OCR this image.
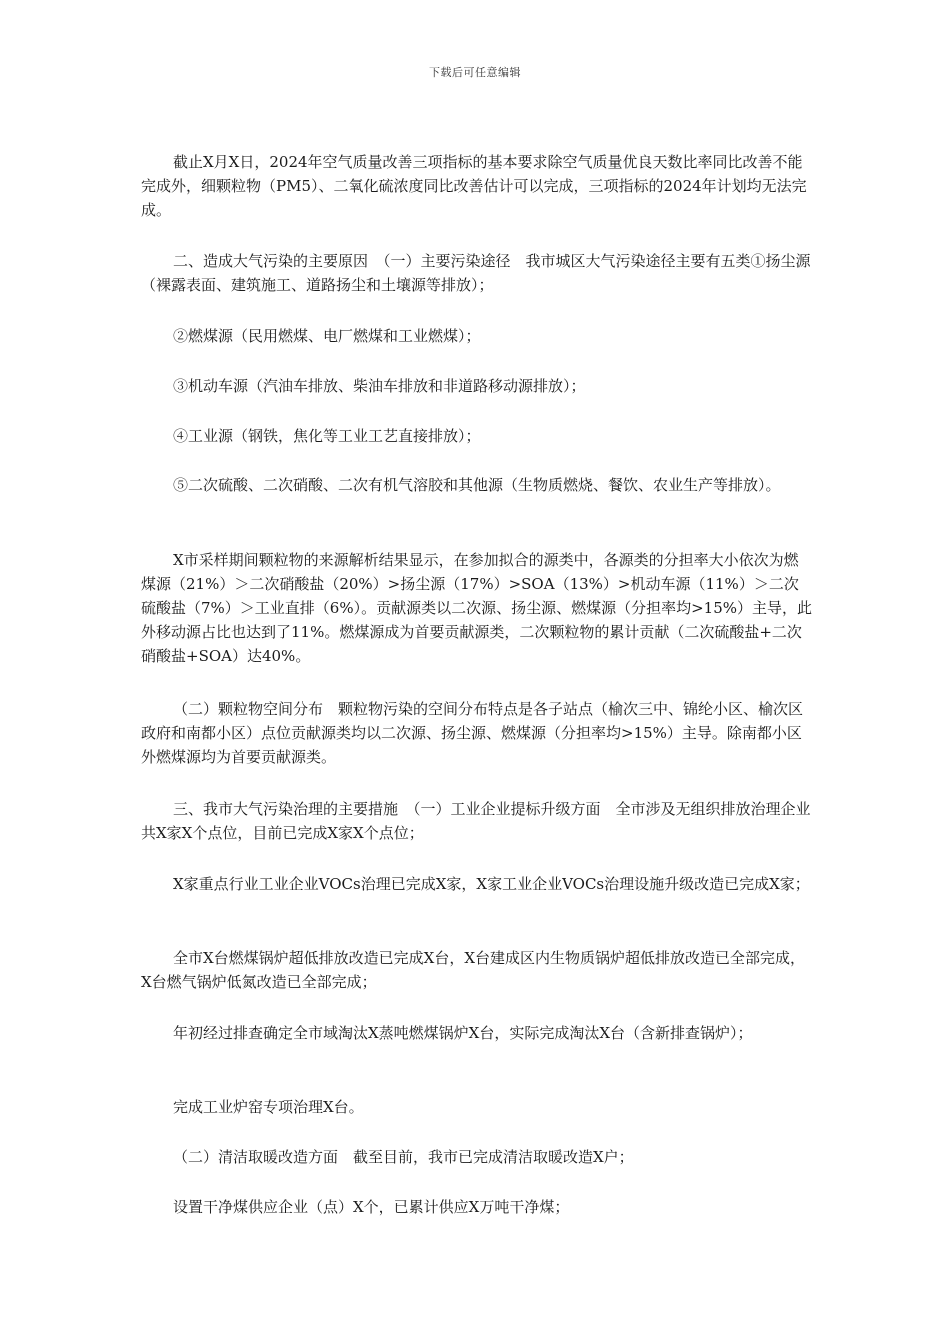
下载后可任意编辑

截止X月X日，2024年空气质量改善三项指标的基本要求除空气质量优良天数比率同比改善不能完成外，细颗粒物（PM5）、二氧化硫浓度同比改善估计可以完成，三项指标的2024年计划均无法完成。

二、造成大气污染的主要原因　（一）主要污染途径　我市城区大气污染途径主要有五类①扬尘源（裸露表面、建筑施工、道路扬尘和土壤源等排放）；

②燃煤源（民用燃煤、电厂燃煤和工业燃煤）；

③机动车源（汽油车排放、柴油车排放和非道路移动源排放）；

④工业源（钢铁，焦化等工业工艺直接排放）；

⑤二次硫酸、二次硝酸、二次有机气溶胶和其他源（生物质燃烧、餐饮、农业生产等排放）。

X市采样期间颗粒物的来源解析结果显示，在参加拟合的源类中，各源类的分担率大小依次为燃煤源（21%）＞二次硝酸盐（20%）>扬尘源（17%）>SOA（13%）>机动车源（11%）＞二次硫酸盐（7%）＞工业直排（6%）。贡献源类以二次源、扬尘源、燃煤源（分担率均>15%）主导，此外移动源占比也达到了11%。燃煤源成为首要贡献源类，二次颗粒物的累计贡献（二次硫酸盐+二次硝酸盐+SOA）达40%。

（二）颗粒物空间分布　颗粒物污染的空间分布特点是各子站点（榆次三中、锦纶小区、榆次区政府和南都小区）点位贡献源类均以二次源、扬尘源、燃煤源（分担率均>15%）主导。除南都小区外燃煤源均为首要贡献源类。

三、我市大气污染治理的主要措施　（一）工业企业提标升级方面　全市涉及无组织排放治理企业共X家X个点位，目前已完成X家X个点位；

X家重点行业工业企业VOCs治理已完成X家，X家工业企业VOCs治理设施升级改造已完成X家；

全市X台燃煤锅炉超低排放改造已完成X台，X台建成区内生物质锅炉超低排放改造已全部完成，X台燃气锅炉低氮改造已全部完成；

年初经过排查确定全市域淘汰X蒸吨燃煤锅炉X台，实际完成淘汰X台（含新排查锅炉）；

完成工业炉窑专项治理X台。

（二）清洁取暖改造方面　截至目前，我市已完成清洁取暖改造X户；

设置干净煤供应企业（点）X个，已累计供应X万吨干净煤；
